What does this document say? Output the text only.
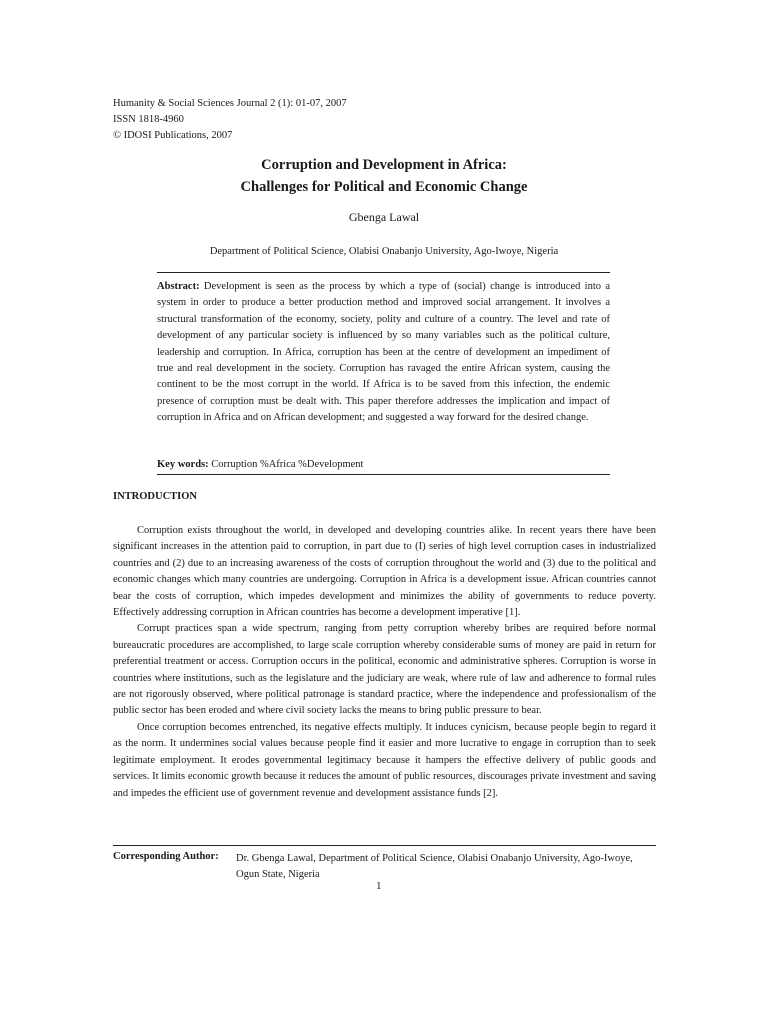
Humanity & Social Sciences Journal 2 (1): 01-07, 2007
ISSN 1818-4960
© IDOSI Publications, 2007
Corruption and Development in Africa:
Challenges for Political and Economic Change
Gbenga Lawal
Department of Political Science, Olabisi Onabanjo University, Ago-Iwoye, Nigeria
Abstract: Development is seen as the process by which a type of (social) change is introduced into a system in order to produce a better production method and improved social arrangement. It involves a structural transformation of the economy, society, polity and culture of a country. The level and rate of development of any particular society is influenced by so many variables such as the political culture, leadership and corruption. In Africa, corruption has been at the centre of development an impediment of true and real development in the society. Corruption has ravaged the entire African system, causing the continent to be the most corrupt in the world. If Africa is to be saved from this infection, the endemic presence of corruption must be dealt with. This paper therefore addresses the implication and impact of corruption in Africa and on African development; and suggested a way forward for the desired change.
Key words: Corruption %Africa %Development
INTRODUCTION

Corruption exists throughout the world, in developed and developing countries alike. In recent years there have been significant increases in the attention paid to corruption, in part due to (I) series of high level corruption cases in industrialized countries and (2) due to an increasing awareness of the costs of corruption throughout the world and (3) due to the political and economic changes which many countries are undergoing. Corruption in Africa is a development issue. African countries cannot bear the costs of corruption, which impedes development and minimizes the ability of governments to reduce poverty. Effectively addressing corruption in African countries has become a development imperative [1].

Corrupt practices span a wide spectrum, ranging from petty corruption whereby bribes are required before normal bureaucratic procedures are accomplished, to large scale corruption whereby considerable sums of money are paid in return for preferential treatment or access. Corruption occurs in the political, economic and administrative spheres. Corruption is worse in countries where institutions, such as the legislature and the judiciary are weak, where rule of law and adherence to formal rules are not rigorously observed, where political patronage is standard practice, where the independence and professionalism of the public sector has been eroded and where civil society lacks the means to bring public pressure to bear.

Once corruption becomes entrenched, its negative effects multiply. It induces cynicism, because people begin to regard it as the norm. It undermines social values because people find it easier and more lucrative to engage in corruption than to seek legitimate employment. It erodes governmental legitimacy because it hampers the effective delivery of public goods and services. It limits economic growth because it reduces the amount of public resources, discourages private investment and saving and impedes the efficient use of government revenue and development assistance funds [2].

Corresponding Author: Dr. Gbenga Lawal, Department of Political Science, Olabisi Onabanjo University, Ago-Iwoye,
Ogun State, Nigeria
1
